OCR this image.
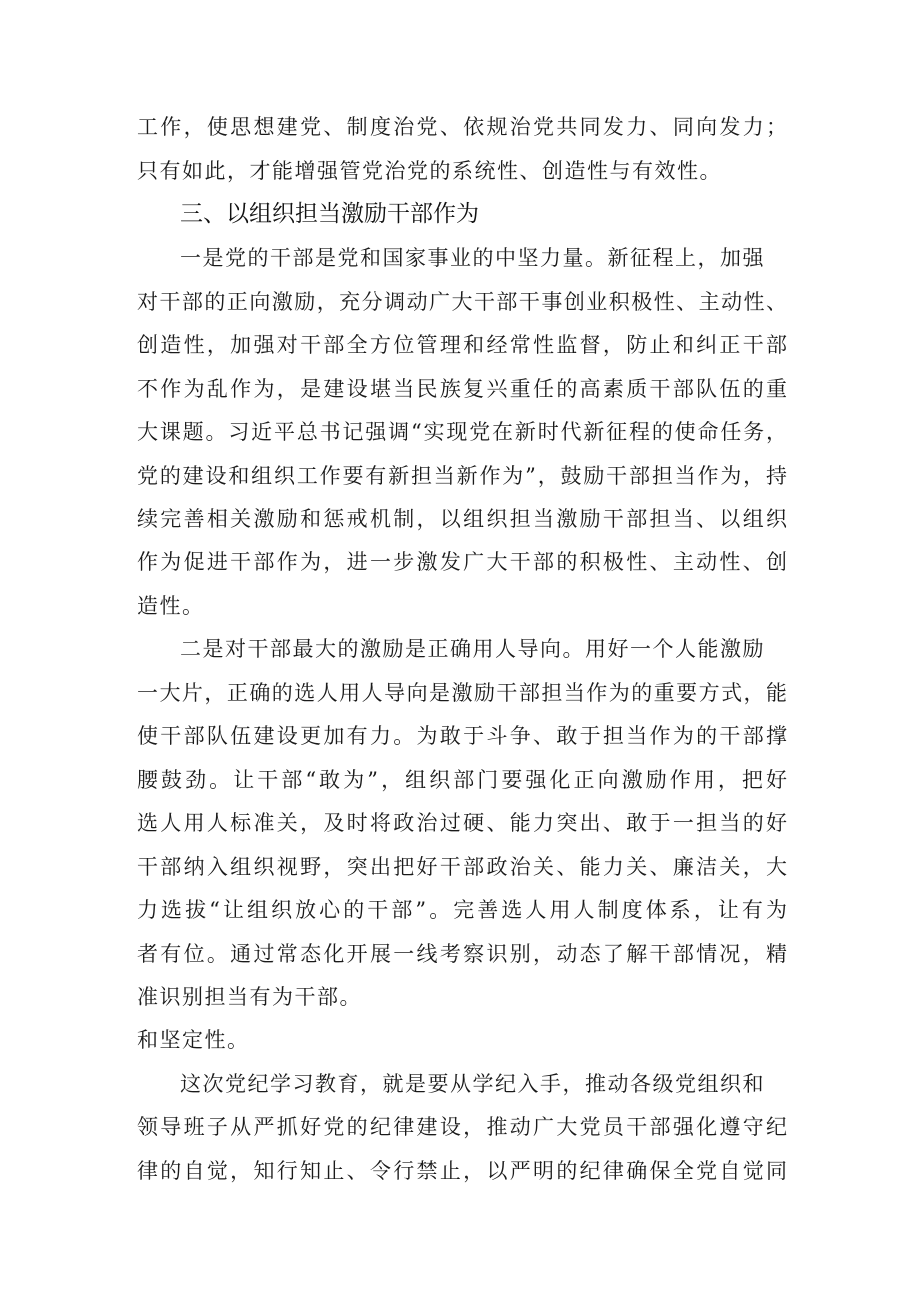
工作，使思想建党、制度治党、依规治党共同发力、同向发力；
只有如此，才能增强管党治党的系统性、创造性与有效性。
三、以组织担当激励干部作为
一是党的干部是党和国家事业的中坚力量。新征程上，加强
对干部的正向激励，充分调动广大干部干事创业积极性、主动性、
创造性，加强对干部全方位管理和经常性监督，防止和纠正干部
不作为乱作为，是建设堪当民族复兴重任的高素质干部队伍的重
大课题。习近平总书记强调“实现党在新时代新征程的使命任务，
党的建设和组织工作要有新担当新作为”，鼓励干部担当作为，持
续完善相关激励和惩戒机制，以组织担当激励干部担当、以组织
作为促进干部作为，进一步激发广大干部的积极性、主动性、创
造性。
二是对干部最大的激励是正确用人导向。用好一个人能激励
一大片，正确的选人用人导向是激励干部担当作为的重要方式，能
使干部队伍建设更加有力。为敢于斗争、敢于担当作为的干部撑
腰鼓劲。让干部“敢为”，组织部门要强化正向激励作用，把好
选人用人标准关，及时将政治过硬、能力突出、敢于一担当的好
干部纳入组织视野，突出把好干部政治关、能力关、廉洁关，大
力选拔“让组织放心的干部”。完善选人用人制度体系，让有为
者有位。通过常态化开展一线考察识别，动态了解干部情况，精
准识别担当有为干部。
和坚定性。
这次党纪学习教育，就是要从学纪入手，推动各级党组织和
领导班子从严抓好党的纪律建设，推动广大党员干部强化遵守纪
律的自觉，知行知止、令行禁止，以严明的纪律确保全党自觉同
